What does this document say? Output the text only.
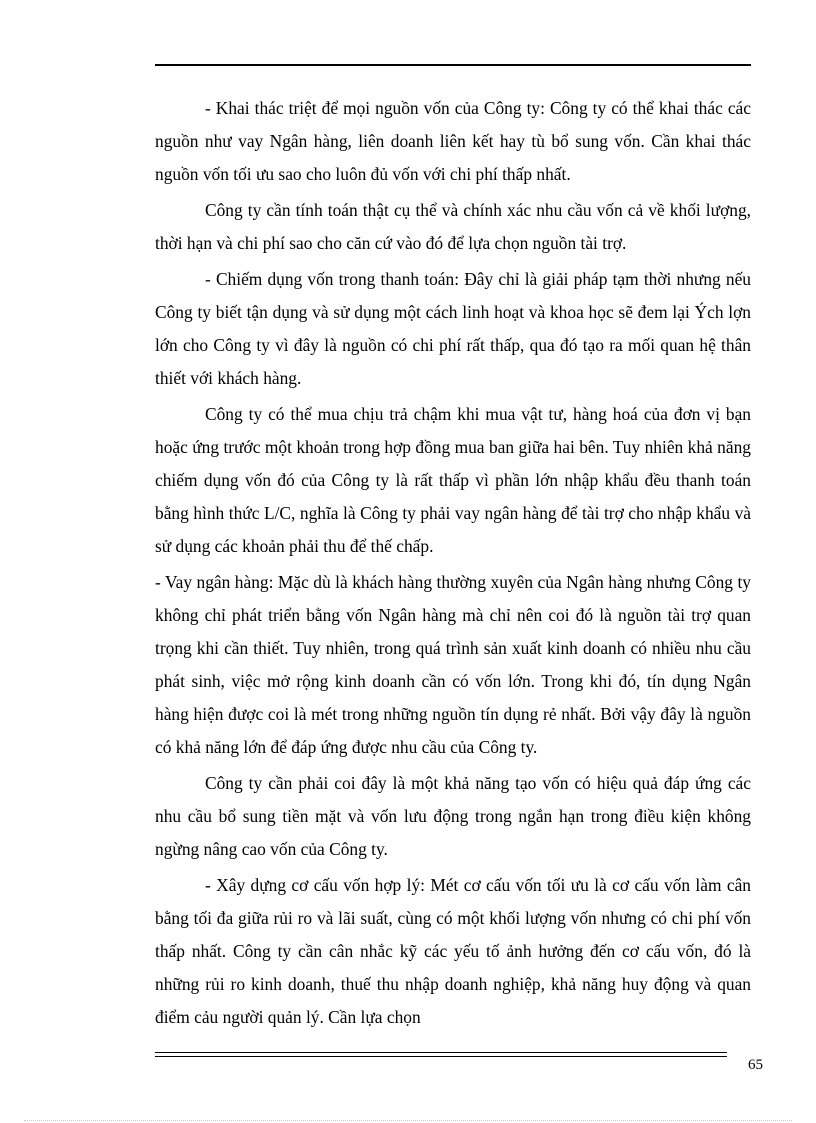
- Khai thác triệt để mọi nguồn vốn của Công ty: Công ty có thể khai thác các nguồn như vay Ngân hàng, liên doanh liên kết hay tù bổ sung vốn. Cần khai thác nguồn vốn tối ưu sao cho luôn đủ vốn với chi phí thấp nhất.

Công ty cần tính toán thật cụ thể và chính xác nhu cầu vốn cả về khối lượng, thời hạn và chi phí sao cho căn cứ vào đó để lựa chọn nguồn tài trợ.

- Chiếm dụng vốn trong thanh toán: Đây chỉ là giải pháp tạm thời nhưng nếu Công ty biết tận dụng và sử dụng một cách linh hoạt và khoa học sẽ đem lại Ých lợn lớn cho Công ty vì đây là nguồn có chi phí rất thấp, qua đó tạo ra mối quan hệ thân thiết với khách hàng.

Công ty có thể mua chịu trả chậm khi mua vật tư, hàng hoá của đơn vị bạn hoặc ứng trước một khoản trong hợp đồng mua ban giữa hai bên. Tuy nhiên khả năng chiếm dụng vốn đó của Công ty là rất thấp vì phần lớn nhập khẩu đều thanh toán bằng hình thức L/C, nghĩa là Công ty phải vay ngân hàng để tài trợ cho nhập khẩu và sử dụng các khoản phải thu để thế chấp.

- Vay ngân hàng: Mặc dù là khách hàng thường xuyên của Ngân hàng nhưng Công ty không chỉ phát triển bằng vốn Ngân hàng mà chỉ nên coi đó là nguồn tài trợ quan trọng khi cần thiết. Tuy nhiên, trong quá trình sản xuất kinh doanh có nhiều nhu cầu phát sinh, việc mở rộng kinh doanh cần có vốn lớn. Trong khi đó, tín dụng Ngân hàng hiện được coi là mét trong những nguồn tín dụng rẻ nhất. Bởi vậy đây là nguồn có khả năng lớn để đáp ứng được nhu cầu của Công ty.

Công ty cần phải coi đây là một khả năng tạo vốn có hiệu quả đáp ứng các nhu cầu bổ sung tiền mặt và vốn lưu động trong ngắn hạn trong điều kiện không ngừng nâng cao vốn của Công ty.

- Xây dựng cơ cấu vốn hợp lý: Mét cơ cấu vốn tối ưu là cơ cấu vốn làm cân bằng tối đa giữa rủi ro và lãi suất, cùng có một khối lượng vốn nhưng có chi phí vốn thấp nhất. Công ty cần cân nhắc kỹ các yếu tố ảnh hưởng đến cơ cấu vốn, đó là những rủi ro kinh doanh, thuế thu nhập doanh nghiệp, khả năng huy động và quan điểm cảu người quản lý. Cần lựa chọn

65
